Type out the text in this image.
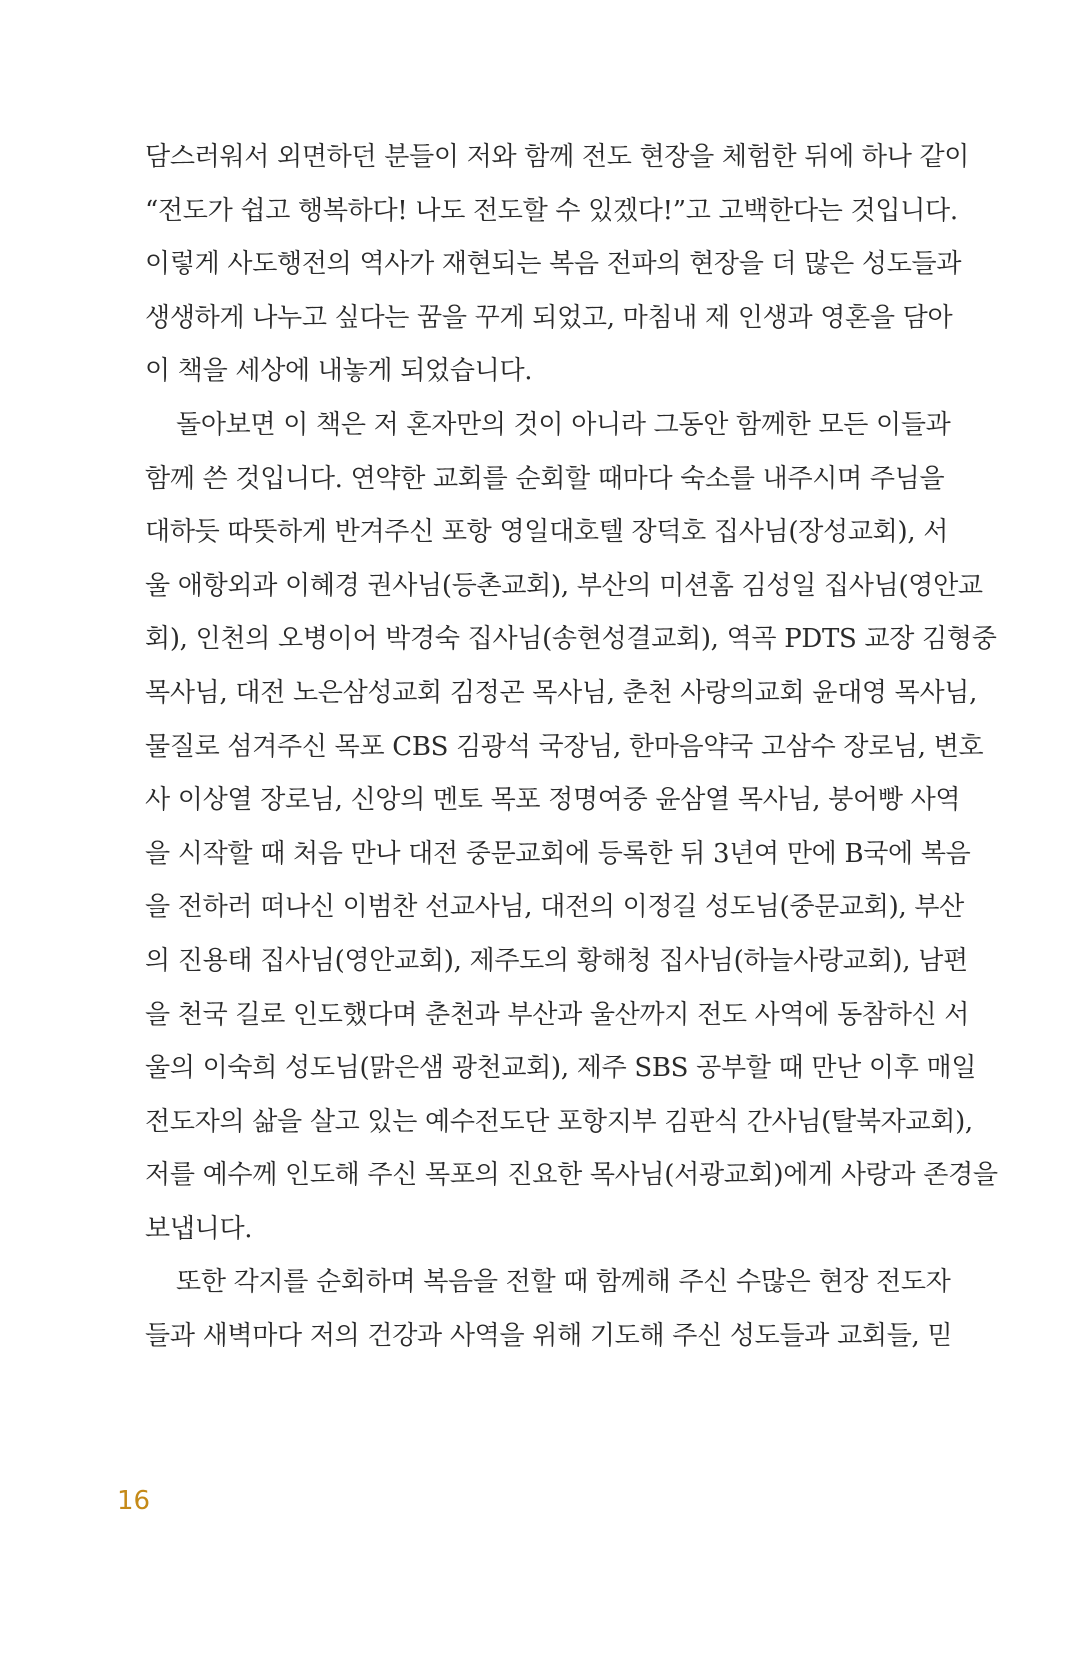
담스러워서 외면하던 분들이 저와 함께 전도 현장을 체험한 뒤에 하나 같이
“전도가 쉽고 행복하다! 나도 전도할 수 있겠다!”고 고백한다는 것입니다.
이렇게 사도행전의 역사가 재현되는 복음 전파의 현장을 더 많은 성도들과
생생하게 나누고 싶다는 꿈을 꾸게 되었고, 마침내 제 인생과 영혼을 담아
이 책을 세상에 내놓게 되었습니다.
돌아보면 이 책은 저 혼자만의 것이 아니라 그동안 함께한 모든 이들과
함께 쓴 것입니다. 연약한 교회를 순회할 때마다 숙소를 내주시며 주님을
대하듯 따뜻하게 반겨주신 포항 영일대호텔 장덕호 집사님(장성교회), 서
울 애항외과 이혜경 권사님(등촌교회), 부산의 미션홈 김성일 집사님(영안교
회), 인천의 오병이어 박경숙 집사님(송현성결교회), 역곡 PDTS 교장 김형중
목사님, 대전 노은삼성교회 김정곤 목사님, 춘천 사랑의교회 윤대영 목사님,
물질로 섬겨주신 목포 CBS 김광석 국장님, 한마음약국 고삼수 장로님, 변호
사 이상열 장로님, 신앙의 멘토 목포 정명여중 윤삼열 목사님, 붕어빵 사역
을 시작할 때 처음 만나 대전 중문교회에 등록한 뒤 3년여 만에 B국에 복음
을 전하러 떠나신 이범찬 선교사님, 대전의 이정길 성도님(중문교회), 부산
의 진용태 집사님(영안교회), 제주도의 황해청 집사님(하늘사랑교회), 남편
을 천국 길로 인도했다며 춘천과 부산과 울산까지 전도 사역에 동참하신 서
울의 이숙희 성도님(맑은샘 광천교회), 제주 SBS 공부할 때 만난 이후 매일
전도자의 삶을 살고 있는 예수전도단 포항지부 김판식 간사님(탈북자교회),
저를 예수께 인도해 주신 목포의 진요한 목사님(서광교회)에게 사랑과 존경을
보냅니다.
또한 각지를 순회하며 복음을 전할 때 함께해 주신 수많은 현장 전도자
들과 새벽마다 저의 건강과 사역을 위해 기도해 주신 성도들과 교회들, 믿
16
